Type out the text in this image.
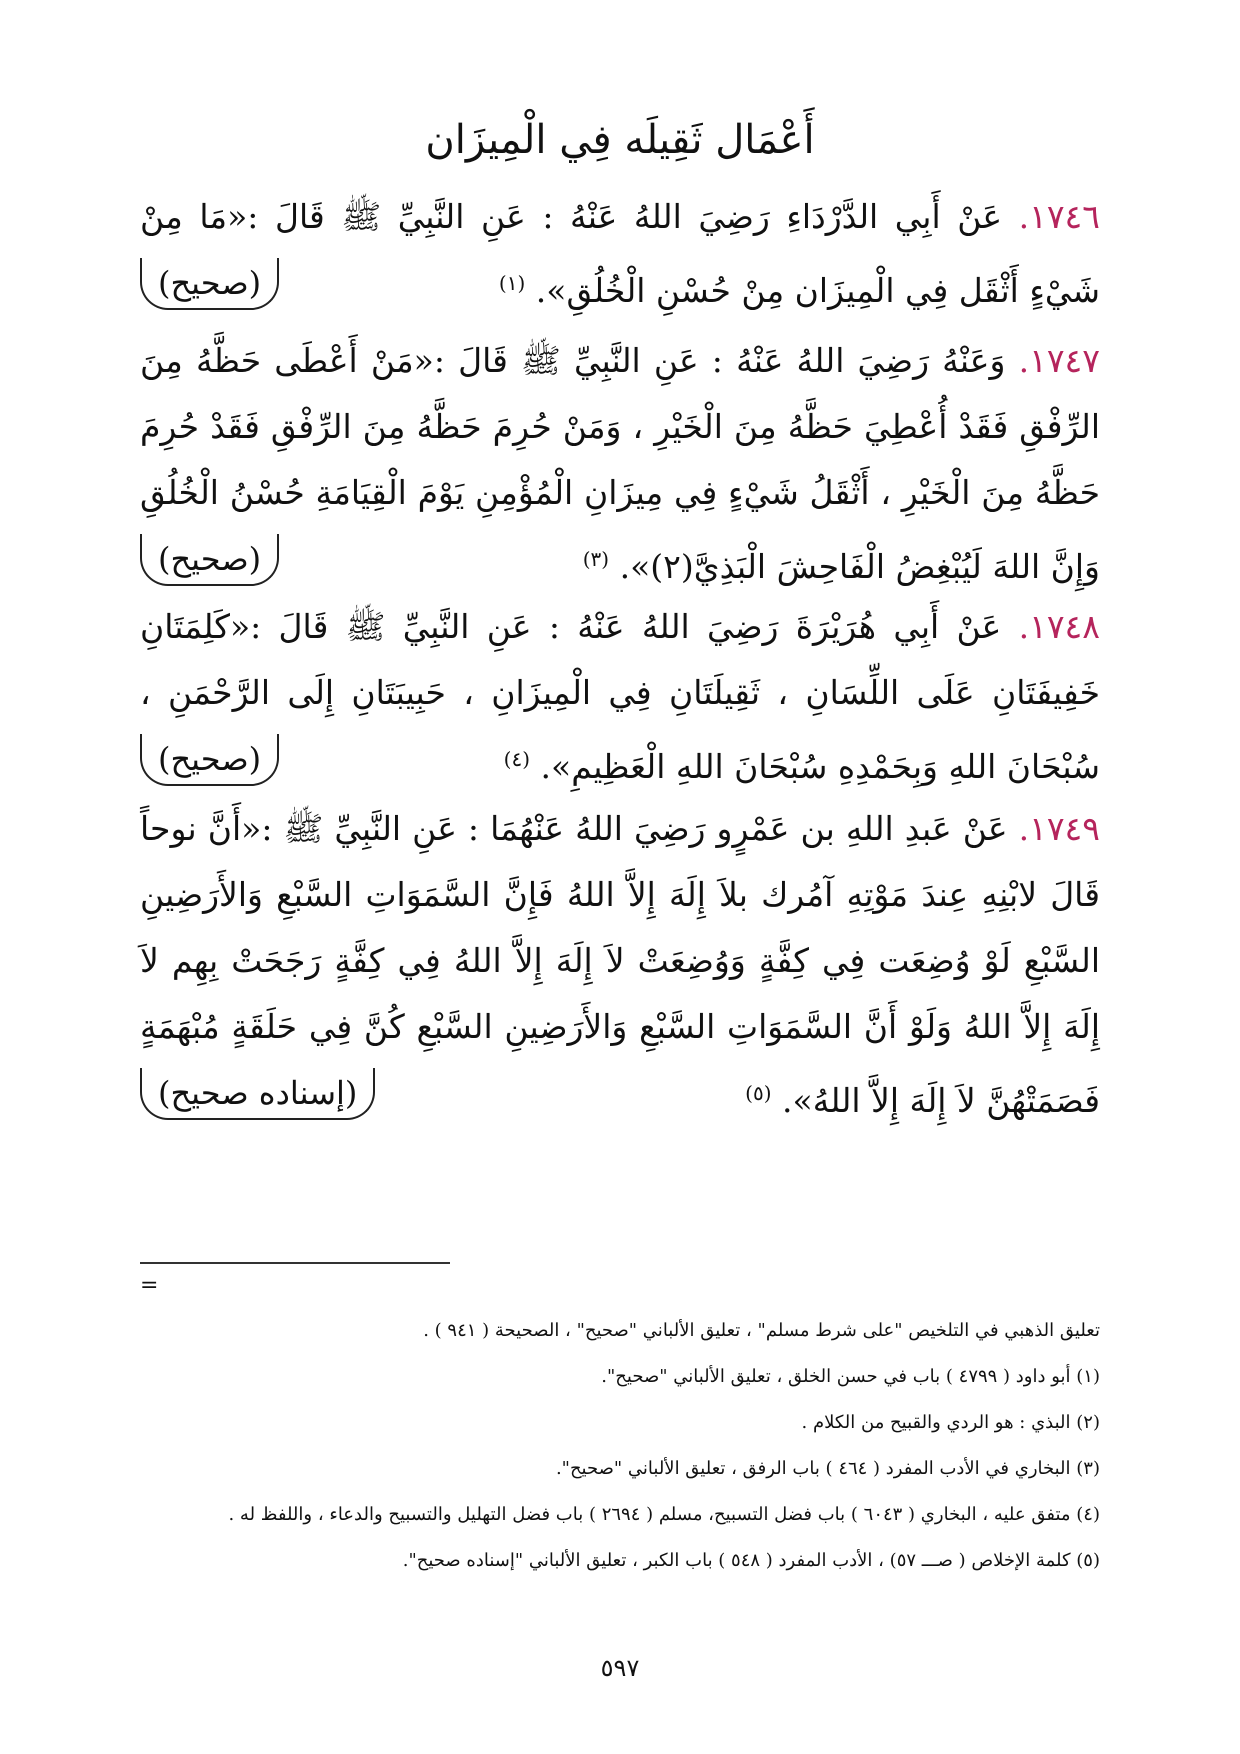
أَعْمَال ثَقِيلَه فِي الْمِيزَان
١٧٤٦. عَنْ أَبِي الدَّرْدَاءِ رَضِيَ اللهُ عَنْهُ : عَنِ النَّبِيِّ ﷺ قَالَ :«مَا مِنْ شَيْءٍ أَثْقَل فِي الْمِيزَان مِنْ حُسْنِ الْخُلُقِ». $^{(١)}$
(صحيح)
١٧٤٧. وَعَنْهُ رَضِيَ اللهُ عَنْهُ : عَنِ النَّبِيِّ ﷺ قَالَ :«مَنْ أَعْطَى حَظَّهُ مِنَ الرِّفْقِ فَقَدْ أُعْطِيَ حَظَّهُ مِنَ الْخَيْرِ ، وَمَنْ حُرِمَ حَظَّهُ مِنَ الرِّفْقِ فَقَدْ حُرِمَ حَظَّهُ مِنَ الْخَيْرِ ، أَثْقَلُ شَيْءٍ فِي مِيزَانِ الْمُؤْمِنِ يَوْمَ الْقِيَامَةِ حُسْنُ الْخُلُقِ وَإِنَّ اللهَ لَيُبْغِضُ الْفَاحِشَ الْبَذِيَّ(٢)». $^{(٣)}$
(صحيح)
١٧٤٨. عَنْ أَبِي هُرَيْرَةَ رَضِيَ اللهُ عَنْهُ : عَنِ النَّبِيِّ ﷺ قَالَ :«كَلِمَتَانِ خَفِيفَتَانِ عَلَى اللِّسَانِ ، ثَقِيلَتَانِ فِي الْمِيزَانِ ، حَبِيبَتَانِ إِلَى الرَّحْمَنِ ، سُبْحَانَ اللهِ وَبِحَمْدِهِ سُبْحَانَ اللهِ الْعَظِيمِ». $^{(٤)}$
(صحيح)
١٧٤٩. عَنْ عَبدِ اللهِ بن عَمْرٍو رَضِيَ اللهُ عَنْهُمَا : عَنِ النَّبِيِّ ﷺ :«أَنَّ نوحاً قَالَ لابْنِهِ عِندَ مَوْتِهِ آمُرك بلاَ إِلَهَ إِلاَّ اللهُ فَإِنَّ السَّمَوَاتِ السَّبْعِ وَالأَرَضِينِ السَّبْعِ لَوْ وُضِعَت فِي كِفَّةٍ وَوُضِعَتْ لاَ إِلَهَ إِلاَّ اللهُ فِي كِفَّةٍ رَجَحَتْ بِهِم لاَ إِلَهَ إِلاَّ اللهُ وَلَوْ أَنَّ السَّمَوَاتِ السَّبْعِ وَالأَرَضِينِ السَّبْعِ كُنَّ فِي حَلَقَةٍ مُبْهَمَةٍ فَصَمَتْهُنَّ لاَ إِلَهَ إِلاَّ اللهُ». $^{(٥)}$
(إسناده صحيح)
=
تعليق الذهبي في التلخيص "على شرط مسلم" ، تعليق الألباني "صحيح" ، الصحيحة ( ٩٤١ ) .
(١) أبو داود ( ٤٧٩٩ ) باب في حسن الخلق ، تعليق الألباني "صحيح".
(٢) البذي : هو الردي والقبيح من الكلام .
(٣) البخاري في الأدب المفرد ( ٤٦٤ ) باب الرفق ، تعليق الألباني "صحيح".
(٤) متفق عليه ، البخاري ( ٦٠٤٣ ) باب فضل التسبيح، مسلم ( ٢٦٩٤ ) باب فضل التهليل والتسبيح والدعاء ، واللفظ له .
(٥) كلمة الإخلاص ( صـــ ٥٧) ، الأدب المفرد ( ٥٤٨ ) باب الكبر ، تعليق الألباني "إسناده صحيح".
٥٩٧
